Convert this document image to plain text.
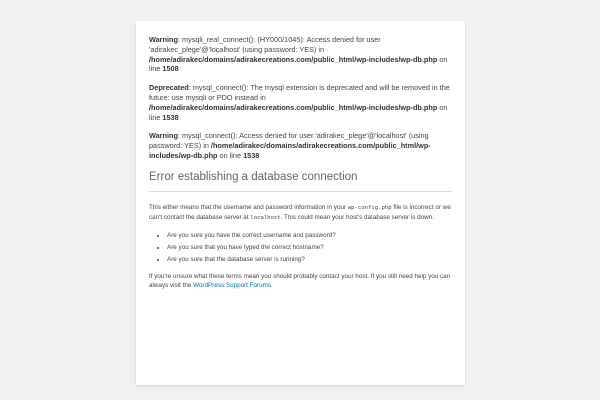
Warning: mysqli_real_connect(): (HY000/1045): Access denied for user 'adirakec_plege'@'localhost' (using password: YES) in /home/adirakec/domains/adirakecreations.com/public_html/wp-includes/wp-db.php on line 1508

Deprecated: mysql_connect(): The mysql extension is deprecated and will be removed in the future: use mysqli or PDO instead in /home/adirakec/domains/adirakecreations.com/public_html/wp-includes/wp-db.php on line 1538

Warning: mysql_connect(): Access denied for user 'adirakec_plege'@'localhost' (using password: YES) in /home/adirakec/domains/adirakecreations.com/public_html/wp-includes/wp-db.php on line 1538

Error establishing a database connection

This either means that the username and password information in your wp-config.php file is incorrect or we can't contact the database server at localhost. This could mean your host's database server is down.

• Are you sure you have the correct username and password?
• Are you sure that you have typed the correct hostname?
• Are you sure that the database server is running?

If you're unsure what these terms mean you should probably contact your host. If you still need help you can always visit the WordPress Support Forums.
